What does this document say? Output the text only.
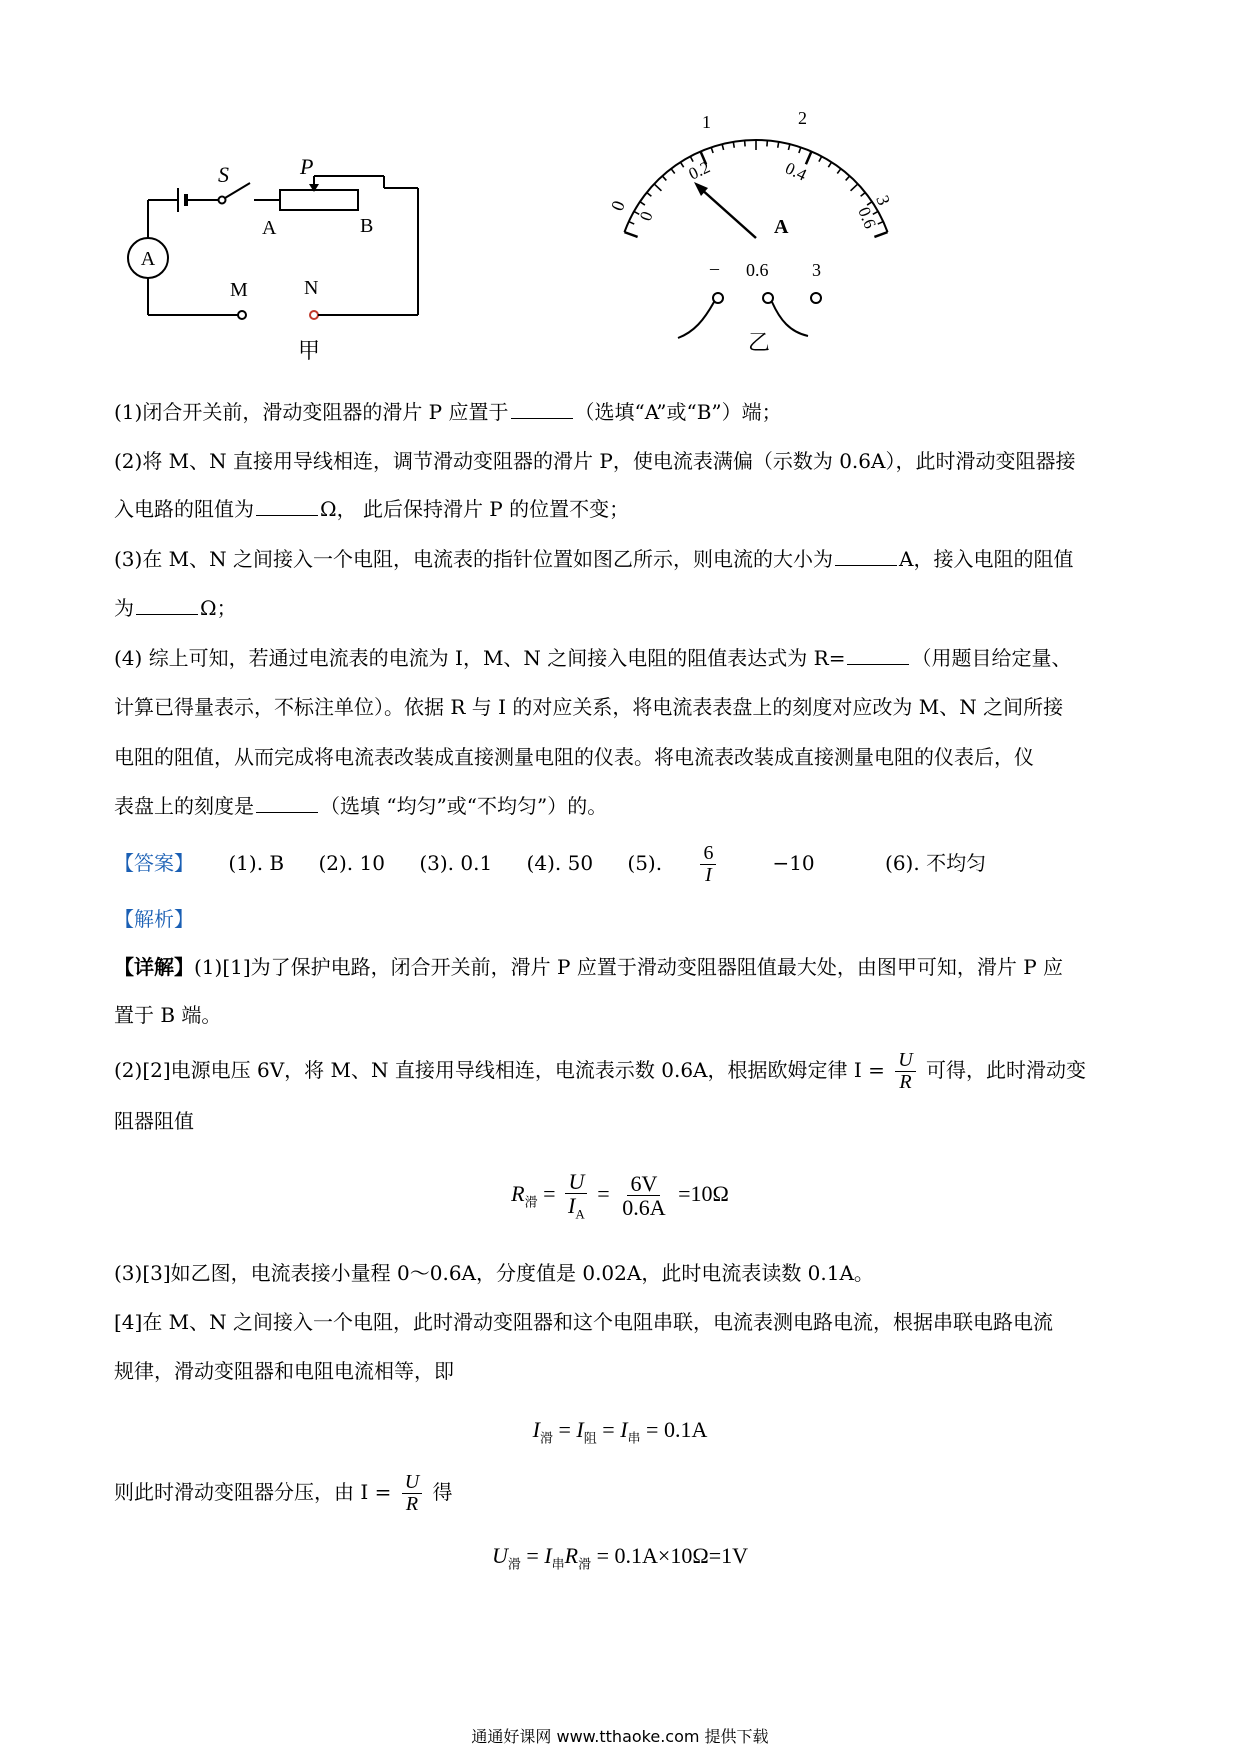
A
S	P
A	B
M	N
甲
0
1	2
3
0
0.2	0.4
0.6
A
– 0.6 3
乙
(1)闭合开关前，滑动变阻器的滑片 P 应置于	（选填“A”或“B”）端；
(2)将 M、N 直接用导线相连，调节滑动变阻器的滑片 P，使电流表满偏（示数为 0.6A），此时滑动变阻器接
入电路的阻值为	Ω， 此后保持滑片 P 的位置不变；
(3)在 M、N 之间接入一个电阻，电流表的指针位置如图乙所示，则电流的大小为	A，接入电阻的阻值
为	Ω；
(4) 综上可知，若通过电流表的电流为 I，M、N 之间接入电阻的阻值表达式为 R=	（用题目给定量、
计算已得量表示，不标注单位）。依据 R 与 I 的对应关系，将电流表表盘上的刻度对应改为 M、N 之间所接
电阻的阻值，从而完成将电流表改装成直接测量电阻的仪表。将电流表改装成直接测量电阻的仪表后，仪
表盘上的刻度是	（选填 “均匀”或“不均匀”）的。
【答案】 (1). B (2). 10 (3). 0.1 (4). 50 (5). $\frac{6}{I} -10$	(6). 不均匀
【解析】
【详解】(1)[1]为了保护电路，闭合开关前，滑片 P 应置于滑动变阻器阻值最大处，由图甲可知，滑片 P 应
置于 B 端。
(2)[2]电源电压 6V，将 M、N 直接用导线相连，电流表示数 0.6A，根据欧姆定律 $I = \frac{U}{R}$ 可得，此时滑动变
阻器阻值
$R_滑 = \frac{U}{I_A} = \frac{6V}{0.6A} =10\Omega$
(3)[3]如乙图，电流表接小量程 0～0.6A，分度值是 0.02A，此时电流表读数 0.1A。
[4]在 M、N 之间接入一个电阻，此时滑动变阻器和这个电阻串联，电流表测电路电流，根据串联电路电流
规律，滑动变阻器和电阻电流相等，即
$I_滑 = I_阻 = I_串 = 0.1A$
则此时滑动变阻器分压，由 $I = \frac{U}{R}$ 得
$U_滑 = I_串R_滑 = 0.1A\times 10\Omega=1V$
通通好课网 www.tthaoke.com 提供下载
